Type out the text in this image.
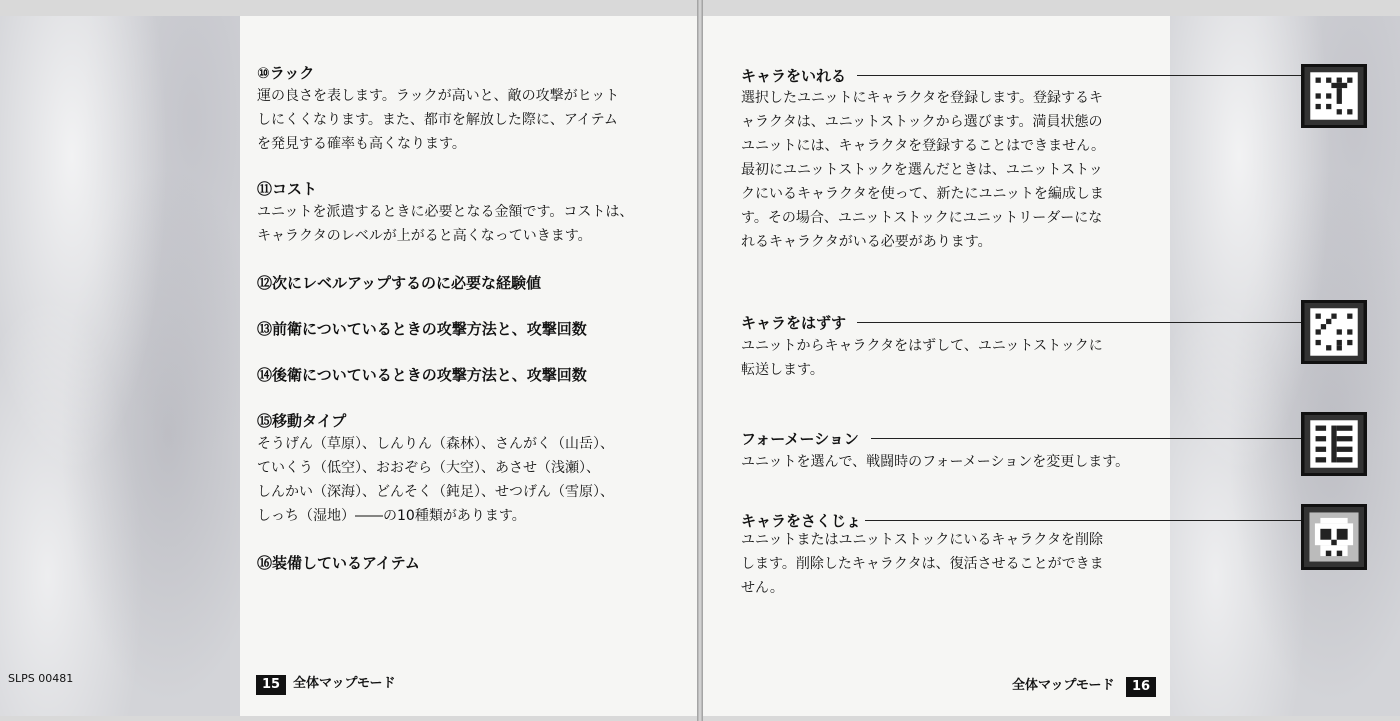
⑩ラック
運の良さを表します。ラックが高いと、敵の攻撃がヒット
しにくくなります。また、都市を解放した際に、アイテム
を発見する確率も高くなります。
⑪コスト
ユニットを派遣するときに必要となる金額です。コストは、
キャラクタのレベルが上がると高くなっていきます。
⑫次にレベルアップするのに必要な経験値
⑬前衛についているときの攻撃方法と、攻撃回数
⑭後衛についているときの攻撃方法と、攻撃回数
⑮移動タイプ
そうげん（草原）、しんりん（森林）、さんがく（山岳）、
ていくう（低空）、おおぞら（大空）、あさせ（浅瀬）、
しんかい（深海）、どんそく（鈍足）、せつげん（雪原）、
しっち（湿地）――の10種類があります。
⑯装備しているアイテム
SLPS 00481	15 全体マップモード
キャラをいれる
選択したユニットにキャラクタを登録します。登録するキ
ャラクタは、ユニットストックから選びます。満員状態の
ユニットには、キャラクタを登録することはできません。
最初にユニットストックを選んだときは、ユニットストッ
クにいるキャラクタを使って、新たにユニットを編成しま
す。その場合、ユニットストックにユニットリーダーにな
れるキャラクタがいる必要があります。
キャラをはずす
ユニットからキャラクタをはずして、ユニットストックに
転送します。
フォーメーション
ユニットを選んで、戦闘時のフォーメーションを変更します。
キャラをさくじょ
ユニットまたはユニットストックにいるキャラクタを削除
します。削除したキャラクタは、復活させることができま
せん。
全体マップモード	16
